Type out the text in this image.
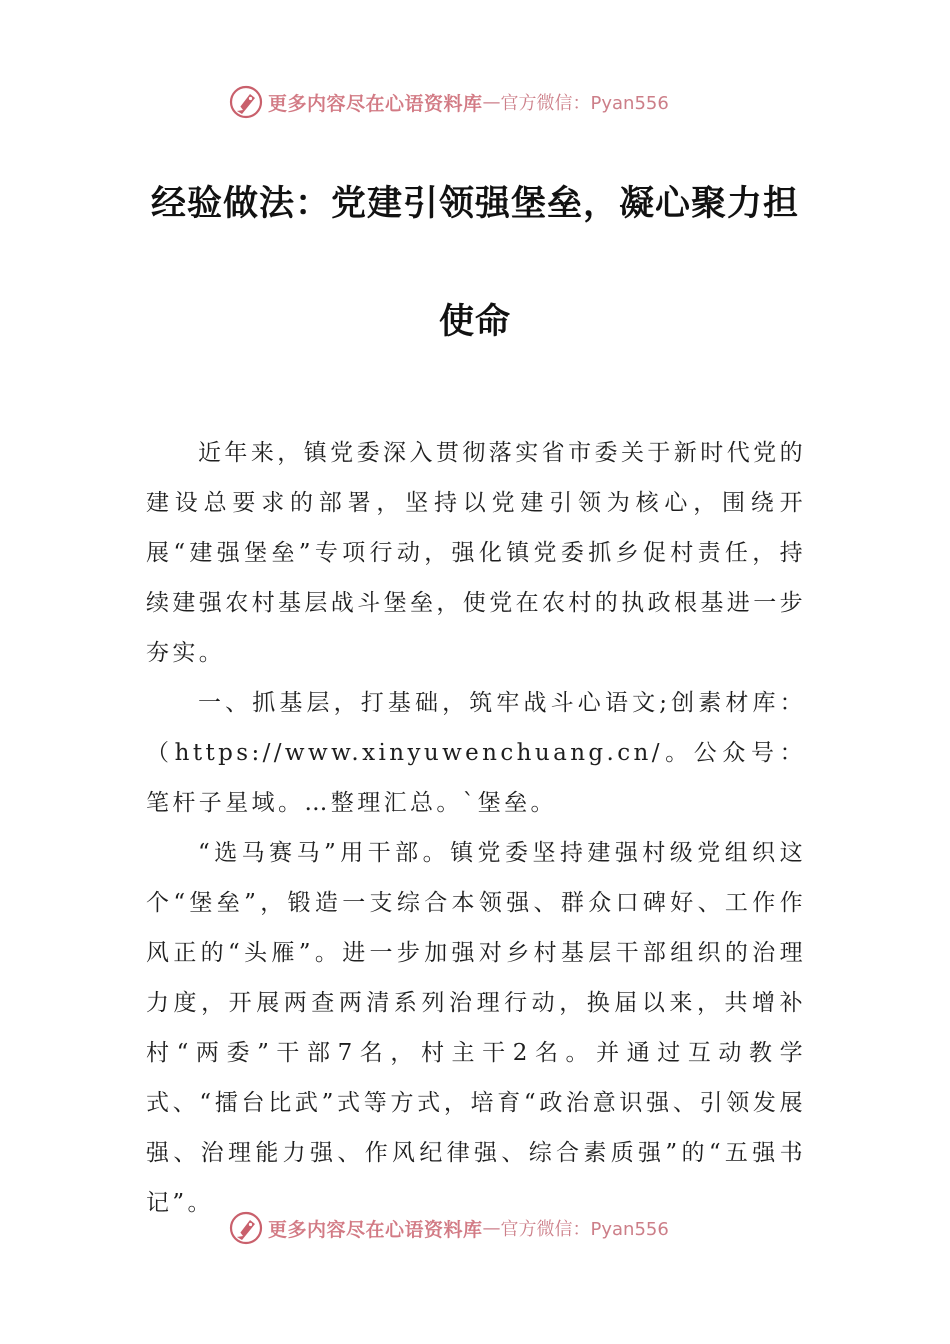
更多内容尽在心语资料库 — 官方微信：Pyan556
经验做法：党建引领强堡垒，凝心聚力担
使命

近年来，镇党委深入贯彻落实省市委关于新时代党的建设总要求的部署，坚持以党建引领为核心，围绕开展“建强堡垒”专项行动，强化镇党委抓乡促村责任，持续建强农村基层战斗堡垒，使党在农村的执政根基进一步夯实。

一、抓基层，打基础，筑牢战斗心语文;创素材库：（https://www.xinyuwenchuang.cn/。公众号：笔杆子星域。…整理汇总。`堡垒。

“选马赛马”用干部。镇党委坚持建强村级党组织这个“堡垒”，锻造一支综合本领强、群众口碑好、工作作风正的“头雁”。进一步加强对乡村基层干部组织的治理力度，开展两查两清系列治理行动，换届以来，共增补村“两委”干部7名，村主干2名。并通过互动教学式、“擂台比武”式等方式，培育“政治意识强、引领发展强、治理能力强、作风纪律强、综合素质强”的“五强书记”。

更多内容尽在心语资料库 — 官方微信：Pyan556
